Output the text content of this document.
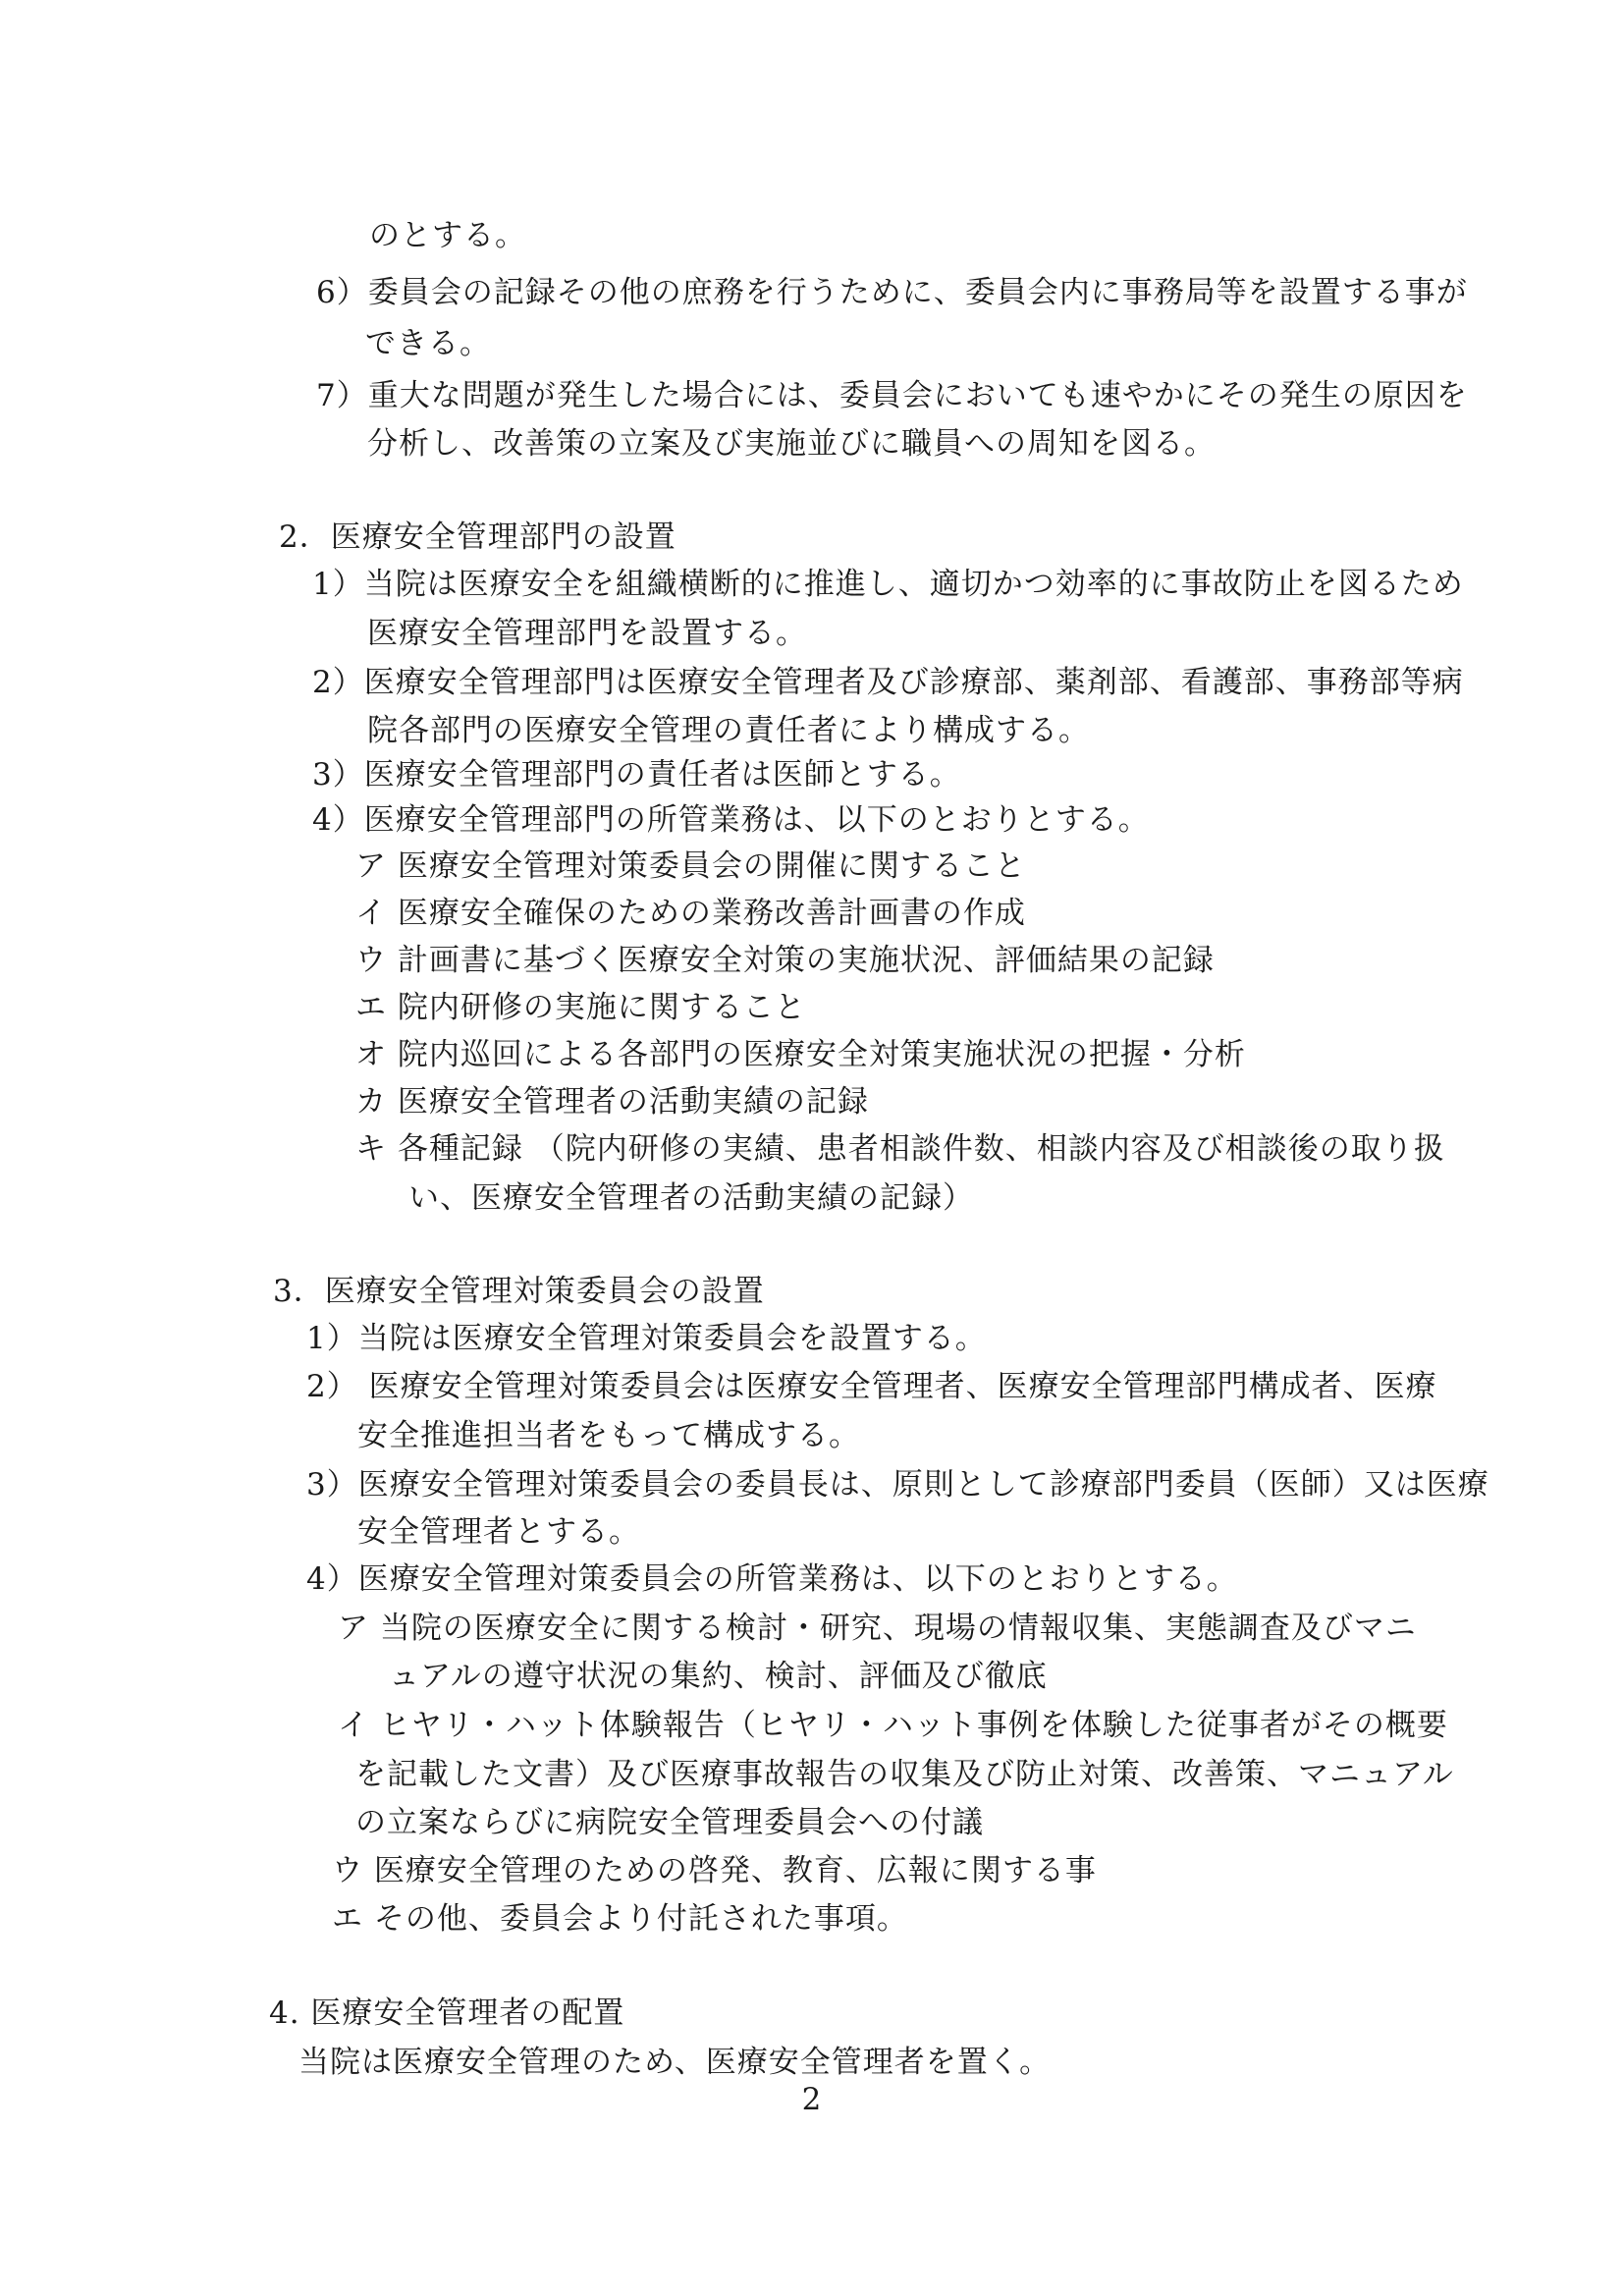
のとする。
6）委員会の記録その他の庶務を行うために、委員会内に事務局等を設置する事が
できる。
7）重大な問題が発生した場合には、委員会においても速やかにその発生の原因を
分析し、改善策の立案及び実施並びに職員への周知を図る。
2．医療安全管理部門の設置
1）当院は医療安全を組織横断的に推進し、適切かつ効率的に事故防止を図るため
医療安全管理部門を設置する。
2）医療安全管理部門は医療安全管理者及び診療部、薬剤部、看護部、事務部等病
院各部門の医療安全管理の責任者により構成する。
3）医療安全管理部門の責任者は医師とする。
4）医療安全管理部門の所管業務は、以下のとおりとする。
ア 医療安全管理対策委員会の開催に関すること
イ 医療安全確保のための業務改善計画書の作成
ウ 計画書に基づく医療安全対策の実施状況、評価結果の記録
エ 院内研修の実施に関すること
オ 院内巡回による各部門の医療安全対策実施状況の把握・分析
カ 医療安全管理者の活動実績の記録
キ 各種記録 （院内研修の実績、患者相談件数、相談内容及び相談後の取り扱
い、医療安全管理者の活動実績の記録）
3．医療安全管理対策委員会の設置
1）当院は医療安全管理対策委員会を設置する。
2） 医療安全管理対策委員会は医療安全管理者、医療安全管理部門構成者、医療
安全推進担当者をもって構成する。
3）医療安全管理対策委員会の委員長は、原則として診療部門委員（医師）又は医療
安全管理者とする。
4）医療安全管理対策委員会の所管業務は、以下のとおりとする。
ア 当院の医療安全に関する検討・研究、現場の情報収集、実態調査及びマニ
ュアルの遵守状況の集約、検討、評価及び徹底
イ ヒヤリ・ハット体験報告（ヒヤリ・ハット事例を体験した従事者がその概要
を記載した文書）及び医療事故報告の収集及び防止対策、改善策、マニュアル
の立案ならびに病院安全管理委員会への付議
ウ 医療安全管理のための啓発、教育、広報に関する事
エ その他、委員会より付託された事項。
4. 医療安全管理者の配置
当院は医療安全管理のため、医療安全管理者を置く。
2
